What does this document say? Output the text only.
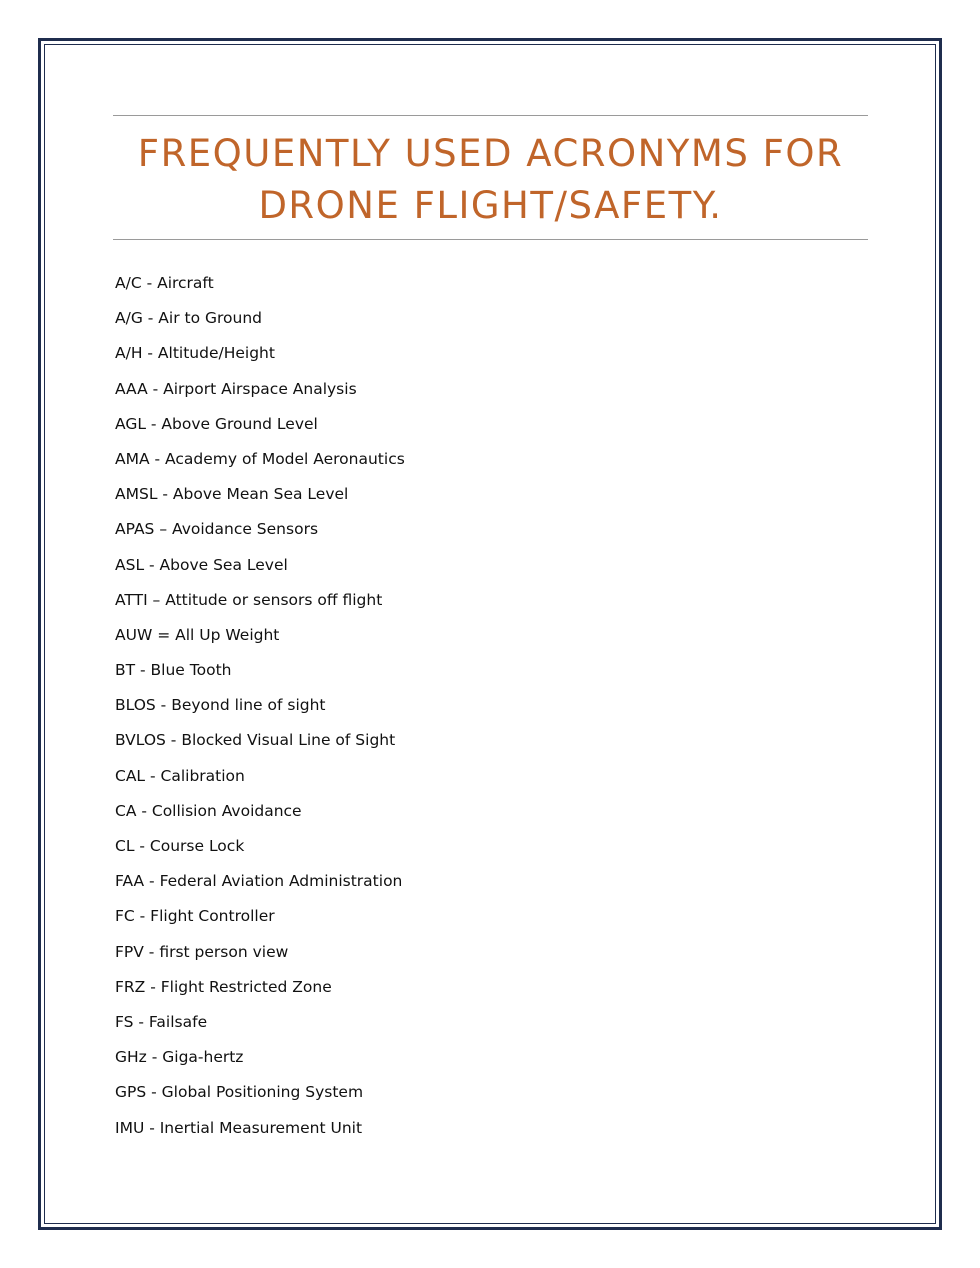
FREQUENTLY USED ACRONYMS FOR
DRONE FLIGHT/SAFETY.
A/C - Aircraft
A/G - Air to Ground
A/H - Altitude/Height
AAA - Airport Airspace Analysis
AGL - Above Ground Level
AMA - Academy of Model Aeronautics
AMSL - Above Mean Sea Level
APAS – Avoidance Sensors
ASL - Above Sea Level
ATTI – Attitude or sensors off flight
AUW = All Up Weight
BT - Blue Tooth
BLOS - Beyond line of sight
BVLOS - Blocked Visual Line of Sight
CAL - Calibration
CA - Collision Avoidance
CL - Course Lock
FAA - Federal Aviation Administration
FC - Flight Controller
FPV - first person view
FRZ - Flight Restricted Zone
FS - Failsafe
GHz - Giga-hertz
GPS - Global Positioning System
IMU - Inertial Measurement Unit
